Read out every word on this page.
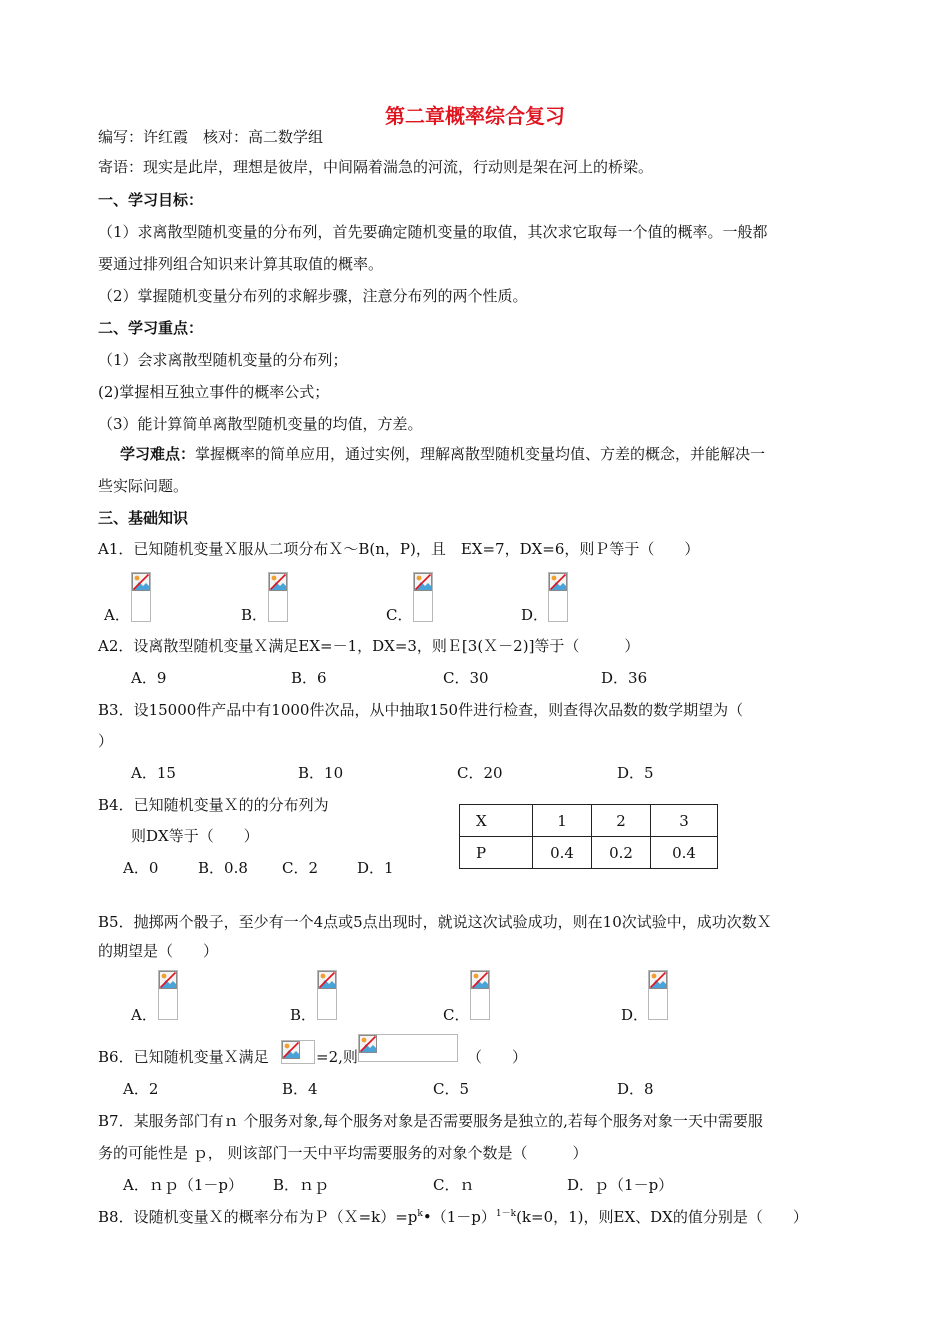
第二章概率综合复习
编写：许红霞　核对：高二数学组
寄语：现实是此岸，理想是彼岸，中间隔着湍急的河流，行动则是架在河上的桥梁。
一、学习目标：
（1）求离散型随机变量的分布列，首先要确定随机变量的取值，其次求它取每一个值的概率。一般都
要通过排列组合知识来计算其取值的概率。
（2）掌握随机变量分布列的求解步骤，注意分布列的两个性质。
二、学习重点：
（1）会求离散型随机变量的分布列；
(2)掌握相互独立事件的概率公式；
（3）能计算简单离散型随机变量的均值，方差。
学习难点：掌握概率的简单应用，通过实例，理解离散型随机变量均值、方差的概念，并能解决一
些实际问题。
三、基础知识
A1．已知随机变量Ｘ服从二项分布Ｘ～B(n，P)，且　EX=7，DX=6，则Ｐ等于（　　）
A．	B．	C．	D．
A2．设离散型随机变量Ｘ满足EX=－1，DX=3，则Ｅ[3(Ｘ－2)]等于（　　　）
A．9	B．6	C．30	D．36
B3．设15000件产品中有1000件次品，从中抽取150件进行检查，则查得次品数的数学期望为（
）
A．15	B．10	C．20	D．5
B4．已知随机变量Ｘ的的分布列为
则DX等于（　　）
A．0	B．0.8 C．2	D．1
X	1	2	3
P	0.4	0.2	0.4
B5．抛掷两个骰子，至少有一个4点或5点出现时，就说这次试验成功，则在10次试验中，成功次数Ｘ
的期望是（　　）
A．	B．	C．	D．
B6．已知随机变量Ｘ满足	=2,则	（　　）
A．2	B．4	C．5	D．8
B7．某服务部门有ｎ 个服务对象,每个服务对象是否需要服务是独立的,若每个服务对象一天中需要服
务的可能性是 ｐ， 则该部门一天中平均需要服务的对象个数是（　　　）
A．ｎｐ（1－p） B．ｎｐ	C．ｎ	D．ｐ（1－p）
B8．设随机变量Ｘ的概率分布为$P(X=k)=p^k•(1-p)^{1-k}(k=0$，1)，则EX、DX的值分别是（　　）
